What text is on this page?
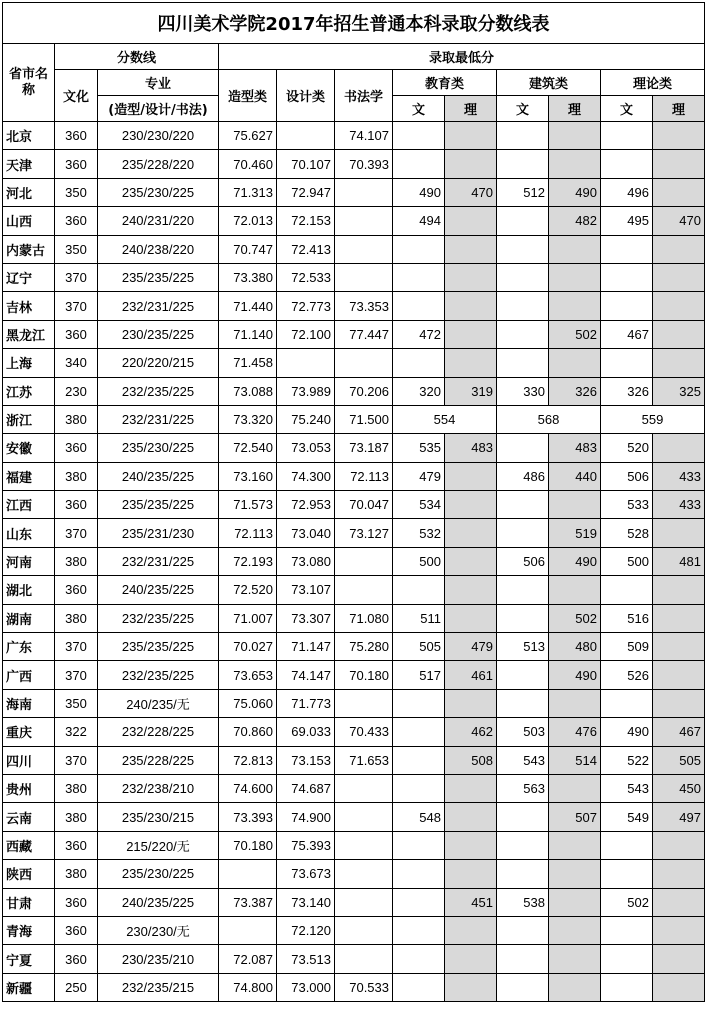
四川美术学院2017年招生普通本科录取分数线表											
省市名称	分数线		录取最低分								
	文化	专业	造型类	设计类	书法学	教育类		建筑类		理论类	
		(造型/设计/书法)				文	理	文	理	文	理
北京	360	230/230/220	75.627		74.107						
天津	360	235/228/220	70.460	70.107	70.393						
河北	350	235/230/225	71.313	72.947		490	470	512	490	496	
山西	360	240/231/220	72.013	72.153		494			482	495	470
内蒙古	350	240/238/220	70.747	72.413							
辽宁	370	235/235/225	73.380	72.533							
吉林	370	232/231/225	71.440	72.773	73.353						
黑龙江	360	230/235/225	71.140	72.100	77.447	472			502	467	
上海	340	220/220/215	71.458								
江苏	230	232/235/225	73.088	73.989	70.206	320	319	330	326	326	325
浙江	380	232/231/225	73.320	75.240	71.500	554		568		559	
安徽	360	235/230/225	72.540	73.053	73.187	535	483		483	520	
福建	380	240/235/225	73.160	74.300	72.113	479		486	440	506	433
江西	360	235/235/225	71.573	72.953	70.047	534				533	433
山东	370	235/231/230	72.113	73.040	73.127	532			519	528	
河南	380	232/231/225	72.193	73.080		500		506	490	500	481
湖北	360	240/235/225	72.520	73.107							
湖南	380	232/235/225	71.007	73.307	71.080	511			502	516	
广东	370	235/235/225	70.027	71.147	75.280	505	479	513	480	509	
广西	370	232/235/225	73.653	74.147	70.180	517	461		490	526	
海南	350	240/235/无	75.060	71.773							
重庆	322	232/228/225	70.860	69.033	70.433		462	503	476	490	467
四川	370	235/228/225	72.813	73.153	71.653		508	543	514	522	505
贵州	380	232/238/210	74.600	74.687				563		543	450
云南	380	235/230/215	73.393	74.900		548			507	549	497
西藏	360	215/220/无	70.180	75.393							
陕西	380	235/230/225		73.673							
甘肃	360	240/235/225	73.387	73.140			451	538		502	
青海	360	230/230/无		72.120							
宁夏	360	230/235/210	72.087	73.513							
新疆	250	232/235/215	74.800	73.000	70.533						
